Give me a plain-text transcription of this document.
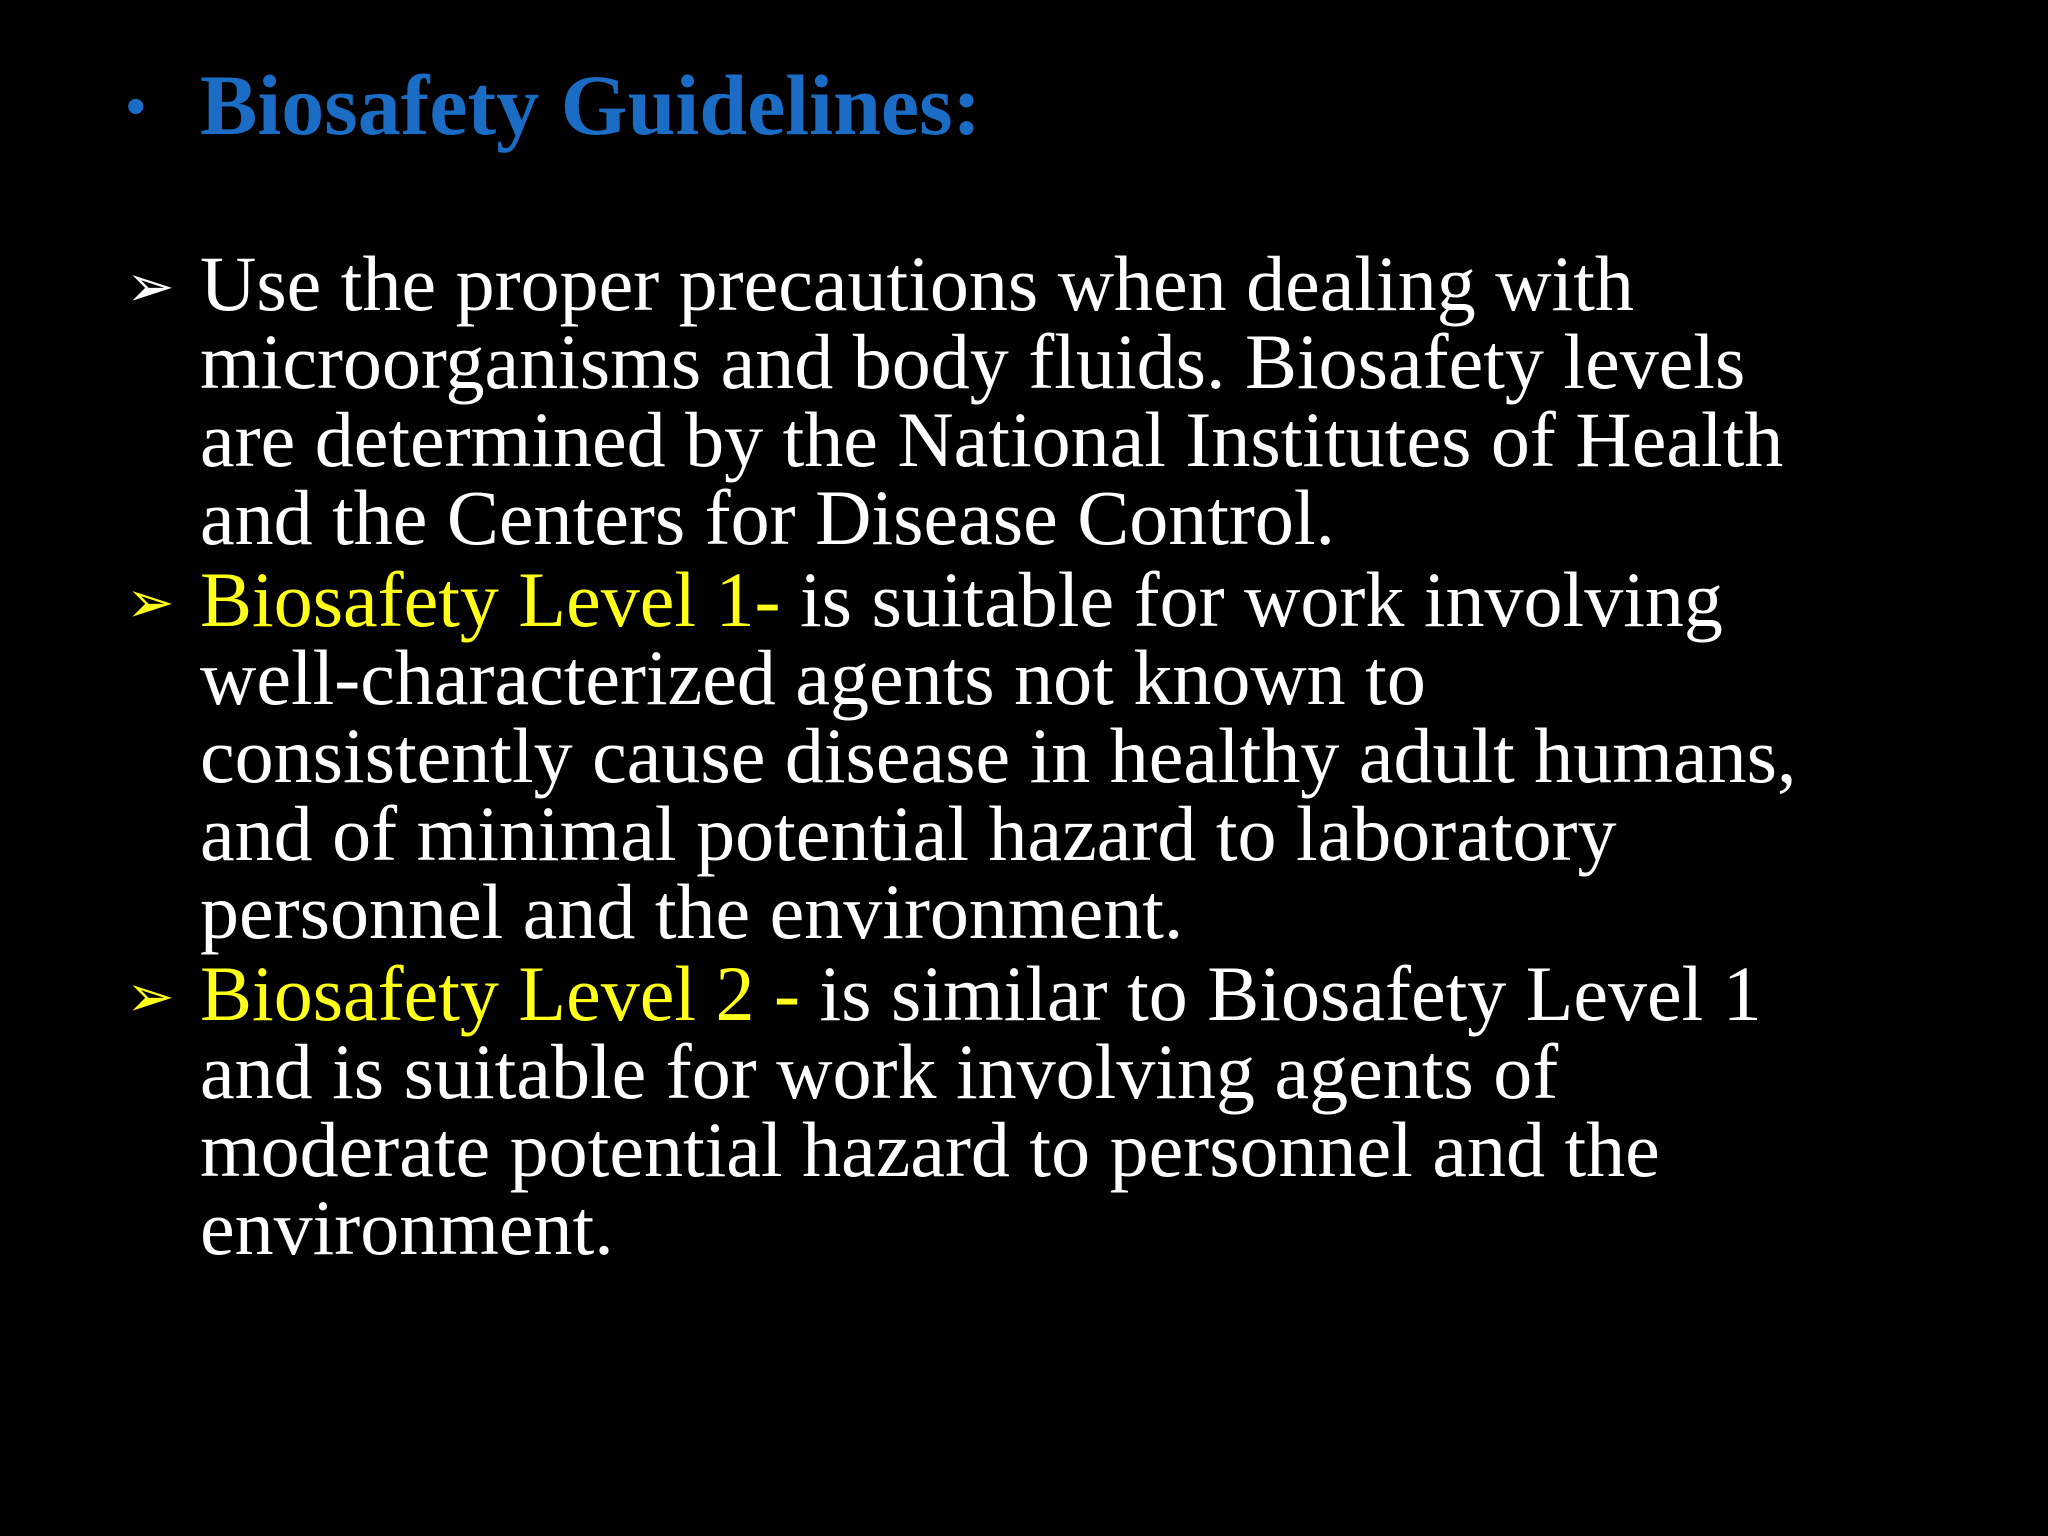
• Biosafety Guidelines:
➢ Use the proper precautions when dealing with
microorganisms and body fluids. Biosafety levels
are determined by the National Institutes of Health
and the Centers for Disease Control.
➢ Biosafety Level 1- is suitable for work involving
well-characterized agents not known to
consistently cause disease in healthy adult humans,
and of minimal potential hazard to laboratory
personnel and the environment.
➢ Biosafety Level 2 - is similar to Biosafety Level 1
and is suitable for work involving agents of
moderate potential hazard to personnel and the
environment.
